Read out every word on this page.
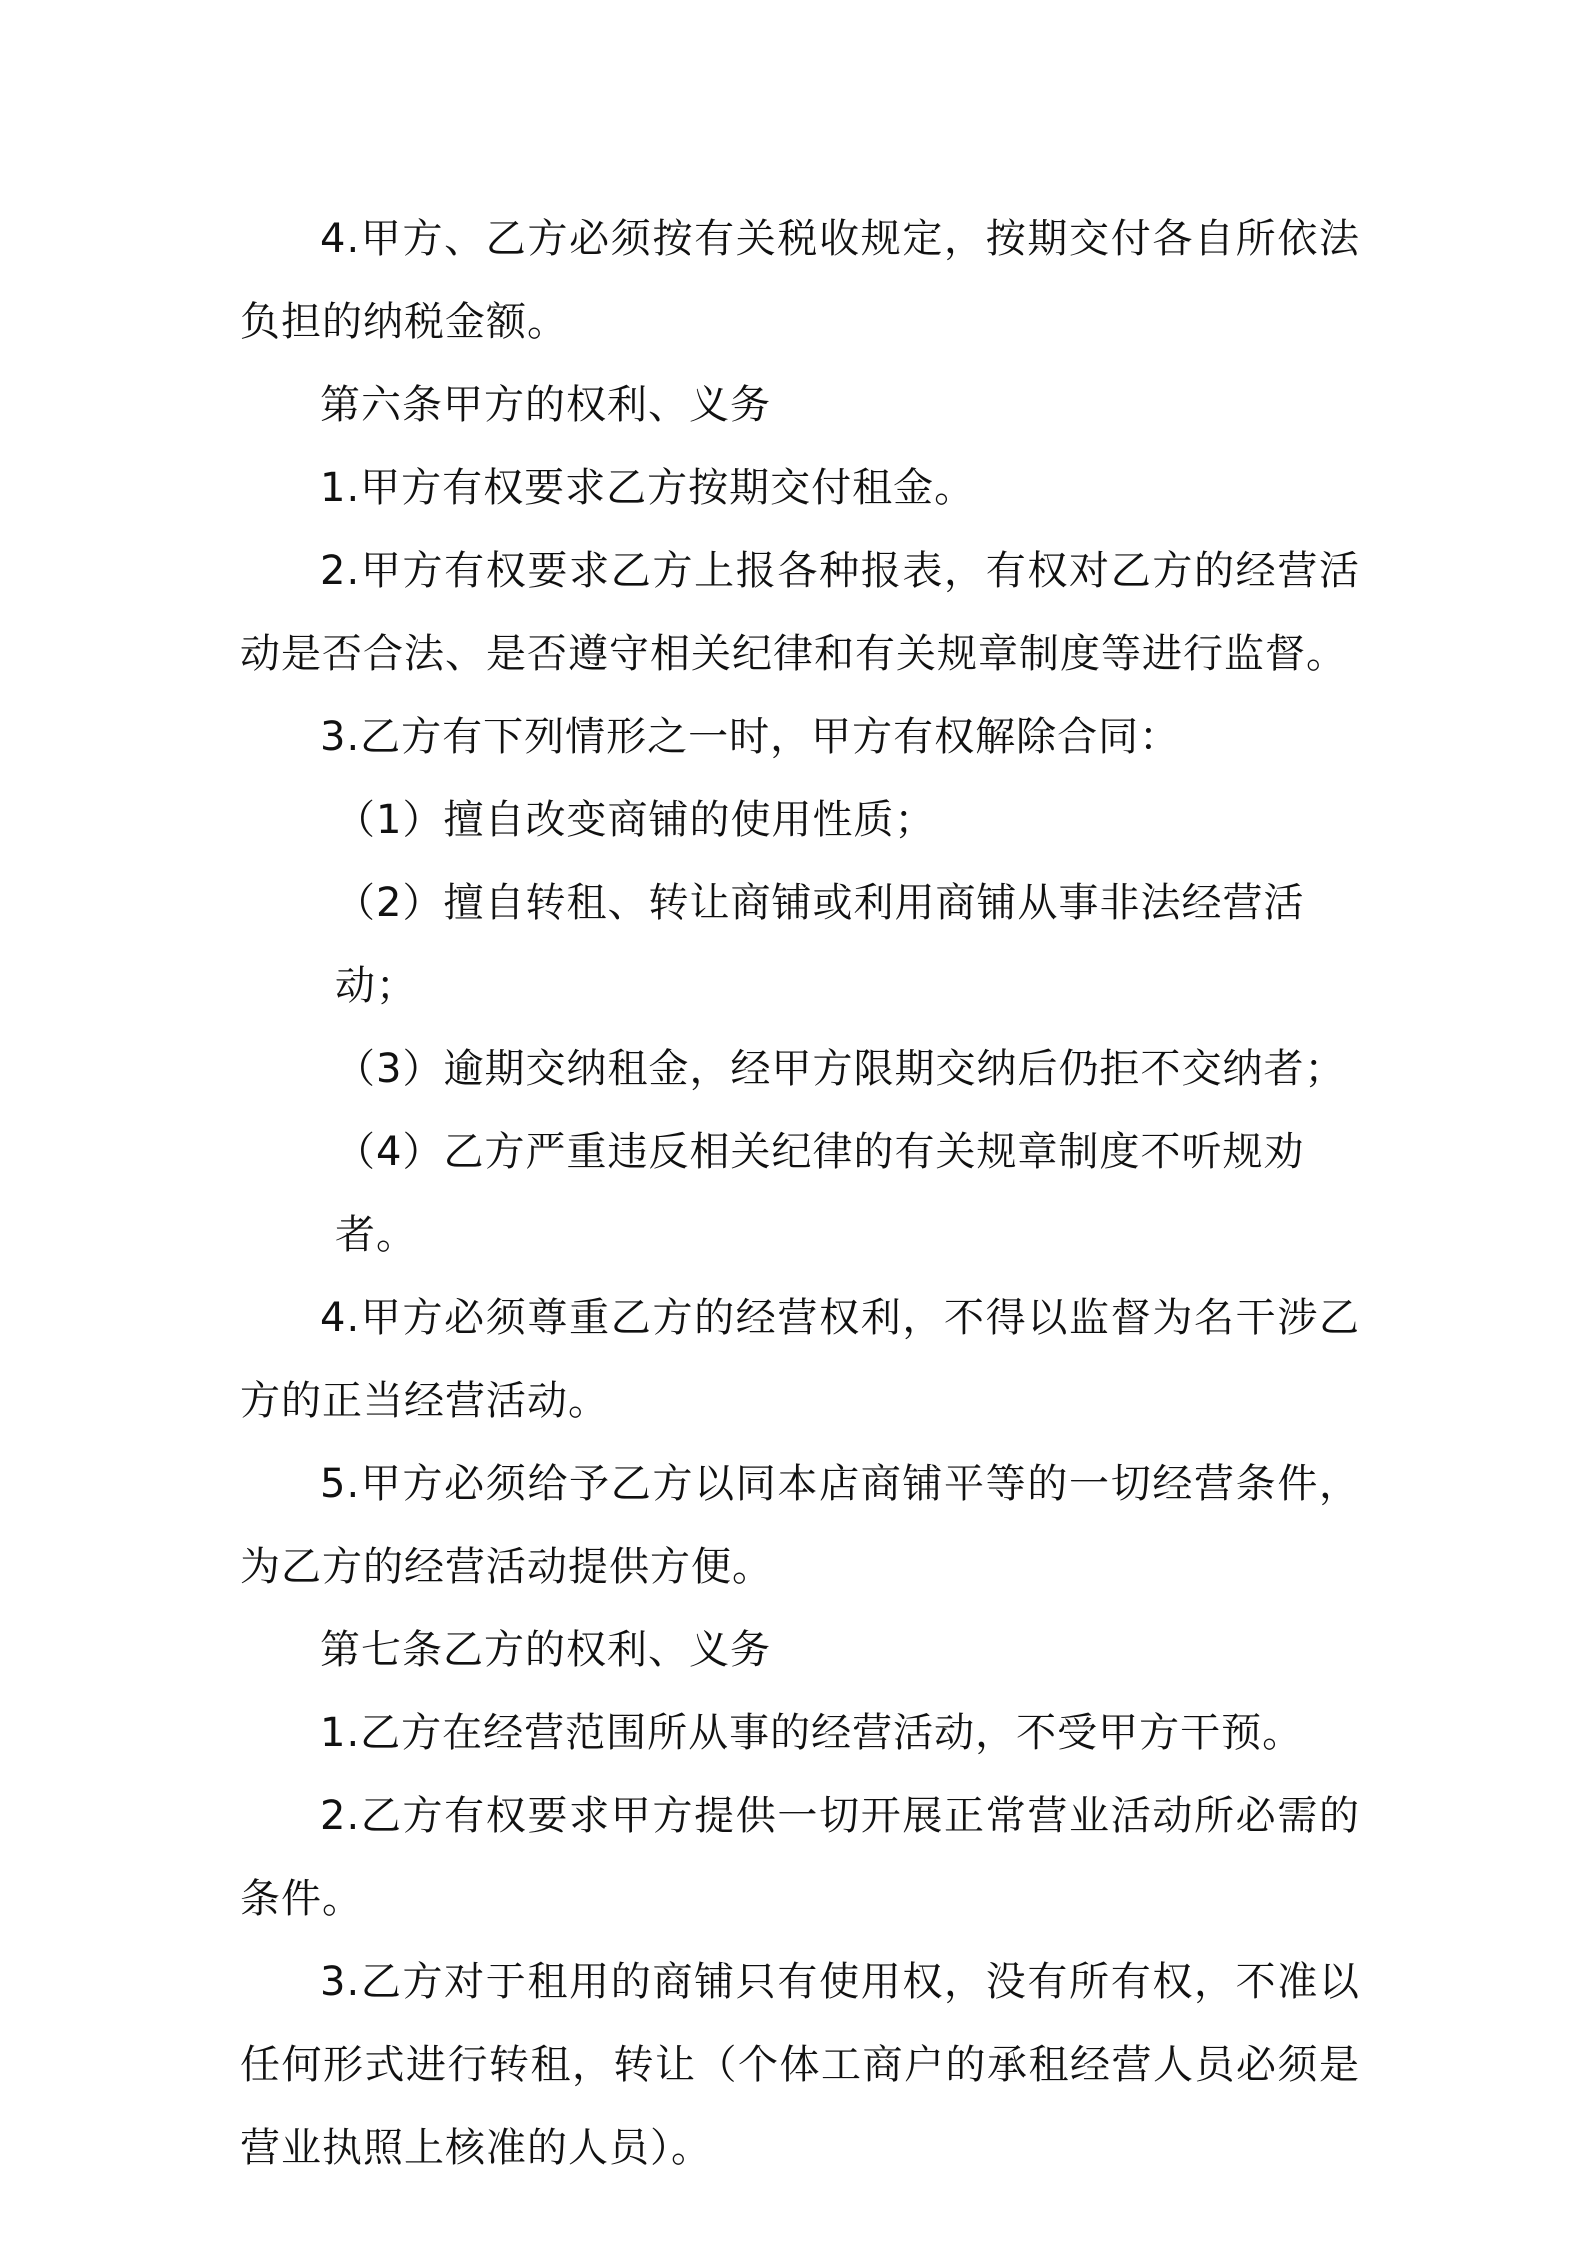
4.甲方、乙方必须按有关税收规定，按期交付各自所依法负担的纳税金额。

第六条甲方的权利、义务

1.甲方有权要求乙方按期交付租金。

2.甲方有权要求乙方上报各种报表，有权对乙方的经营活动是否合法、是否遵守相关纪律和有关规章制度等进行监督。

3.乙方有下列情形之一时，甲方有权解除合同：

（1）擅自改变商铺的使用性质；

（2）擅自转租、转让商铺或利用商铺从事非法经营活动；

（3）逾期交纳租金，经甲方限期交纳后仍拒不交纳者；

（4）乙方严重违反相关纪律的有关规章制度不听规劝者。

4.甲方必须尊重乙方的经营权利，不得以监督为名干涉乙方的正当经营活动。

5.甲方必须给予乙方以同本店商铺平等的一切经营条件，为乙方的经营活动提供方便。

第七条乙方的权利、义务

1.乙方在经营范围所从事的经营活动，不受甲方干预。

2.乙方有权要求甲方提供一切开展正常营业活动所必需的条件。

3.乙方对于租用的商铺只有使用权，没有所有权，不准以任何形式进行转租，转让（个体工商户的承租经营人员必须是营业执照上核准的人员）。
